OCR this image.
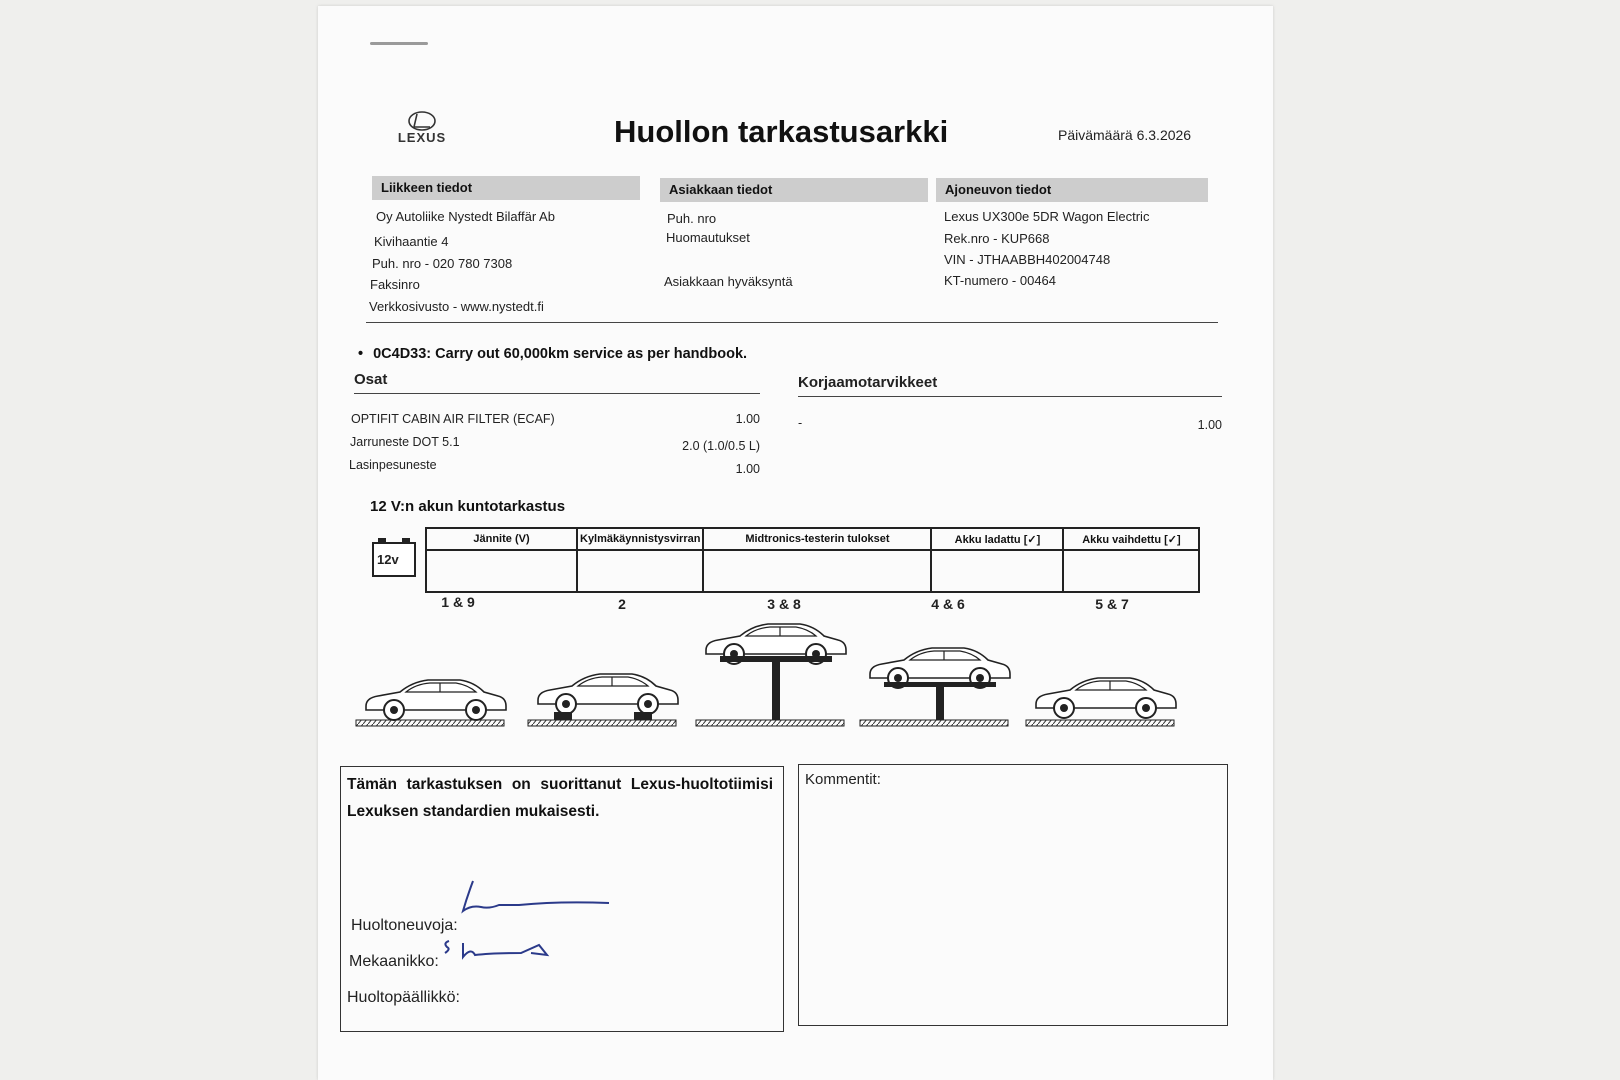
LEXUS	Huollon tarkastusarkki	Päivämäärä 6.3.2026
Liikkeen tiedot
Oy Autoliike Nystedt Bilaffär Ab
Kivihaantie 4
Puh. nro - 020 780 7308
Faksinro
Verkkosivusto - www.nystedt.fi
Asiakkaan tiedot
Puh. nro
Huomautukset
Asiakkaan hyväksyntä
Ajoneuvon tiedot
Lexus UX300e 5DR Wagon Electric
Rek.nro - KUP668
VIN - JTHAABBH402004748
KT-numero - 00464
• 0C4D33: Carry out 60,000km service as per handbook.
Osat
OPTIFIT CABIN AIR FILTER (ECAF)	1.00
Jarruneste DOT 5.1	2.0 (1.0/0.5 L)
Lasinpesuneste	1.00
Korjaamotarvikkeet
-	1.00
12 V:n akun kuntotarkastus
12v
Jännite (V)	Kylmäkäynnistysvirran	Midtronics-testerin tulokset	Akku ladattu [✓]	Akku vaihdettu [✓]

1 & 9	2	3 & 8	4 & 6	5 & 7
Tämän tarkastuksen on suorittanut Lexus-huoltotiimisi Lexuksen standardien mukaisesti.
Huoltoneuvoja:
Mekaanikko:
Huoltopäällikkö:
Kommentit:
